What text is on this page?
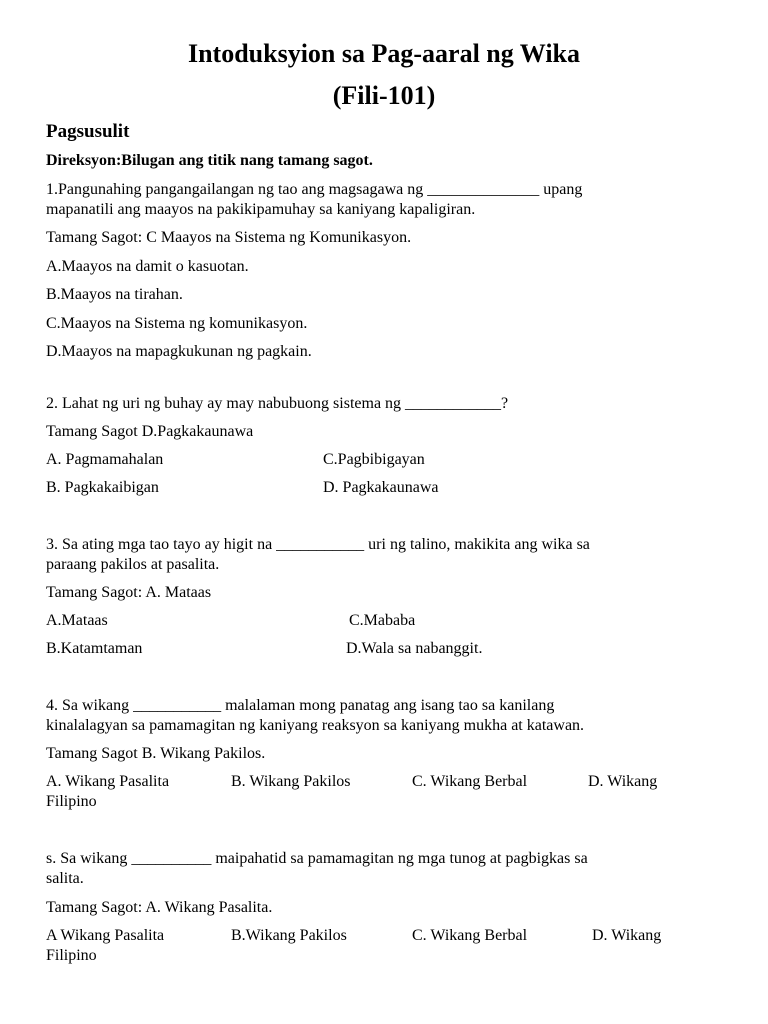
Intoduksyion sa Pag-aaral ng Wika
(Fili-101)
Pagsusulit
Direksyon:Bilugan ang titik nang tamang sagot.
1.Pangunahing pangangailangan ng tao ang magsagawa ng ______________ upang
mapanatili ang maayos na pakikipamuhay sa kaniyang kapaligiran.
Tamang Sagot: C Maayos na Sistema ng Komunikasyon.
A.Maayos na damit o kasuotan.
B.Maayos na tirahan.
C.Maayos na Sistema ng komunikasyon.
D.Maayos na mapagkukunan ng pagkain.
2. Lahat ng uri ng buhay ay may nabubuong sistema ng ____________?
Tamang Sagot D.Pagkakaunawa
A. Pagmamahalan	C.Pagbibigayan
B. Pagkakaibigan	D. Pagkakaunawa
3. Sa ating mga tao tayo ay higit na ___________ uri ng talino, makikita ang wika sa
paraang pakilos at pasalita.
Tamang Sagot: A. Mataas
A.Mataas	C.Mababa
B.Katamtaman	D.Wala sa nabanggit.
4. Sa wikang ___________ malalaman mong panatag ang isang tao sa kanilang
kinalalagyan sa pamamagitan ng kaniyang reaksyon sa kaniyang mukha at katawan.
Tamang Sagot B. Wikang Pakilos.
A. Wikang Pasalita	B. Wikang Pakilos	C. Wikang Berbal	D. Wikang
Filipino
s. Sa wikang __________ maipahatid sa pamamagitan ng mga tunog at pagbigkas sa
salita.
Tamang Sagot: A. Wikang Pasalita.
A Wikang Pasalita	B.Wikang Pakilos	C. Wikang Berbal	D. Wikang
Filipino
